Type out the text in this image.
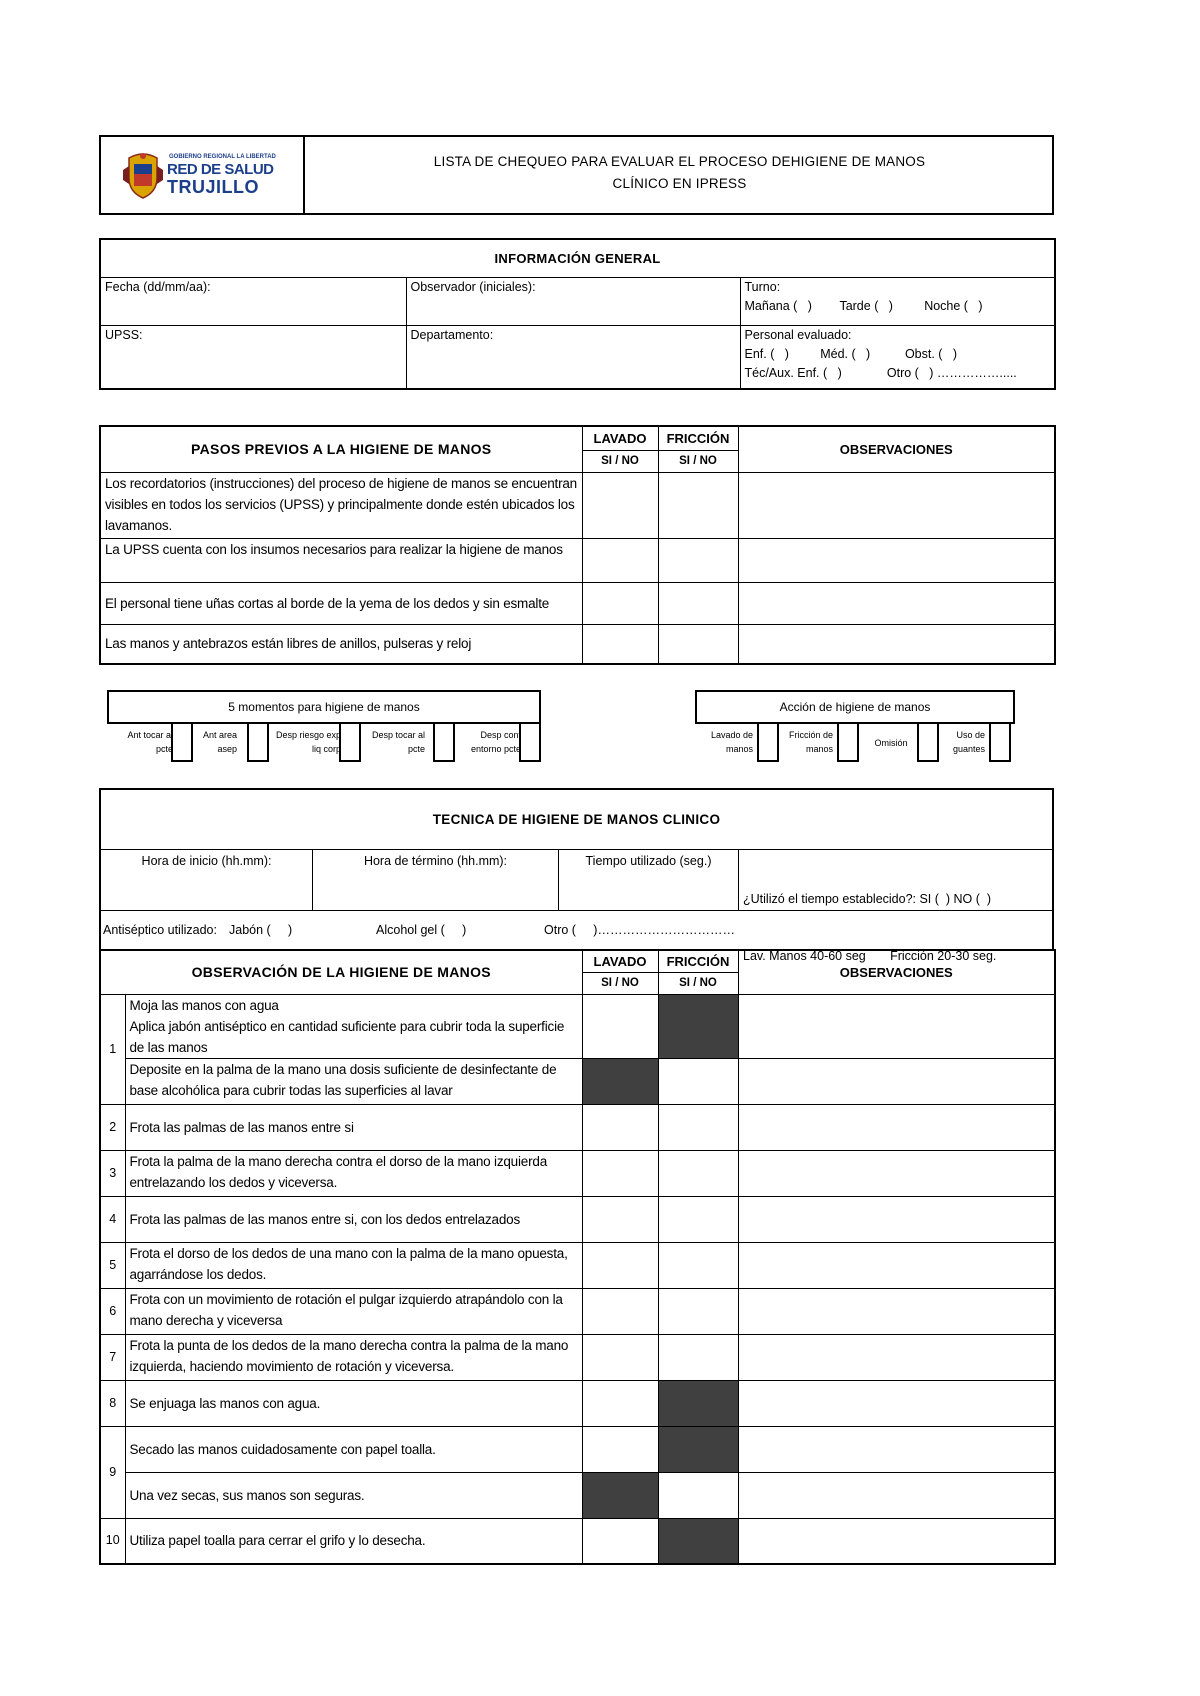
GOBIERNO REGIONAL LA LIBERTAD
RED DE SALUD
TRUJILLO
LISTA DE CHEQUEO PARA EVALUAR EL PROCESO DEHIGIENE DE MANOS
CLÍNICO EN IPRESS
INFORMACIÓN GENERAL		
Fecha (dd/mm/aa):	Observador (iniciales):	Turno:
Mañana (   )        Tarde (   )         Noche (   )

UPSS:	Departamento:	Personal evaluado:
Enf. (   )         Méd. (   )          Obst. (   )
Téc/Aux. Enf. (   )             Otro (   ) …………….....
PASOS PREVIOS A LA HIGIENE DE MANOS	LAVADO	FRICCIÓN	OBSERVACIONES
	SI / NO	SI / NO	
Los recordatorios (instrucciones) del proceso de higiene de manos se encuentran visibles en todos los servicios (UPSS) y principalmente donde estén ubicados los lavamanos.			
La UPSS cuenta con los insumos necesarios para realizar la higiene de manos			
El personal tiene uñas cortas al borde de la yema de los dedos y sin esmalte			
Las manos y antebrazos están libres de anillos, pulseras y reloj			
5 momentos para higiene de manos
Ant tocar al pcte
Ant area asep
Desp riesgo exp liq corp
Desp tocar al pcte
Desp cont entorno pcte
Acción de higiene de manos
Lavado de manos
Fricción de manos
Omisión
Uso de guantes
TECNICA DE HIGIENE DE MANOS CLINICO
Hora de inicio (hh.mm):	Hora de término (hh.mm):	Tiempo utilizado (seg.)

¿Utilizó el tiempo establecido?: SI (  ) NO (  )

Lav. Manos 40-60 seg       Fricción 20-30 seg.

Antiséptico utilizado: Jabón (     )	Alcohol gel (     )	Otro (     )……………………………
OBSERVACIÓN DE LA HIGIENE DE MANOS		LAVADO	FRICCIÓN	OBSERVACIONES
		SI / NO	SI / NO	
1	Moja las manos con agua
Aplica jabón antiséptico en cantidad suficiente para cubrir toda la superficie de las manos			
	Deposite en la palma de la mano una dosis suficiente de desinfectante de base alcohólica para cubrir todas las superficies al lavar			
2	Frota las palmas de las manos entre si			
3	Frota la palma de la mano derecha contra el dorso de la mano izquierda entrelazando los dedos y viceversa.			
4	Frota las palmas de las manos entre si, con los dedos entrelazados			
5	Frota el dorso de los dedos de una mano con la palma de la mano opuesta, agarrándose los dedos.			
6	Frota con un movimiento de rotación el pulgar izquierdo atrapándolo con la mano derecha y viceversa			
7	Frota la punta de los dedos de la mano derecha contra la palma de la mano izquierda, haciendo movimiento de rotación y viceversa.			
8	Se enjuaga las manos con agua.			
9	Secado las manos cuidadosamente con papel toalla.			
	Una vez secas, sus manos son seguras.			
10	Utiliza papel toalla para cerrar el grifo y lo desecha.			
